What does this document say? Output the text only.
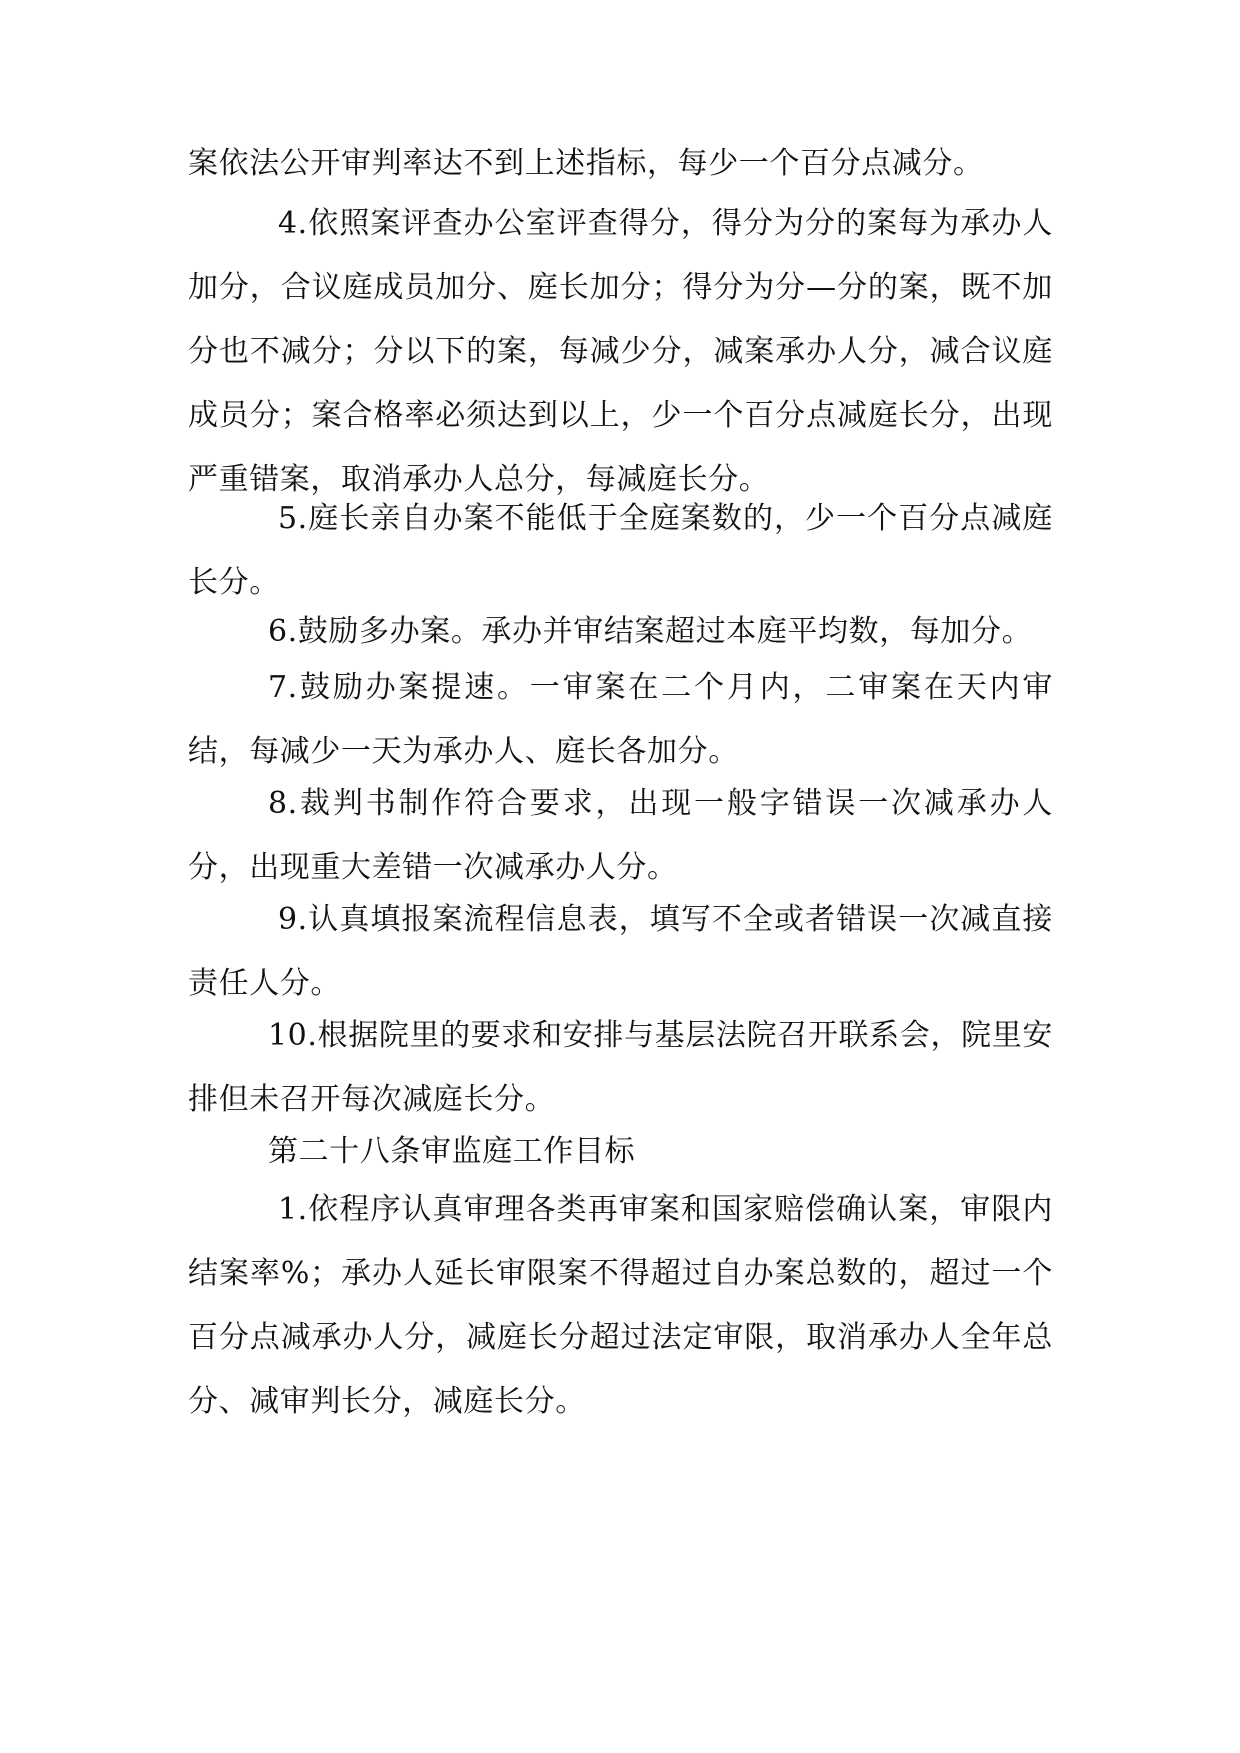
案依法公开审判率达不到上述指标，每少一个百分点减分。

4.依照案评查办公室评查得分，得分为分的案每为承办人加分，合议庭成员加分、庭长加分；得分为分—分的案，既不加分也不减分；分以下的案，每减少分，减案承办人分，减合议庭成员分；案合格率必须达到以上，少一个百分点减庭长分，出现严重错案，取消承办人总分，每减庭长分。

5.庭长亲自办案不能低于全庭案数的，少一个百分点减庭长分。

6.鼓励多办案。承办并审结案超过本庭平均数，每加分。

7.鼓励办案提速。一审案在二个月内，二审案在天内审结，每减少一天为承办人、庭长各加分。

8.裁判书制作符合要求，出现一般字错误一次减承办人分，出现重大差错一次减承办人分。

9.认真填报案流程信息表，填写不全或者错误一次减直接责任人分。

10.根据院里的要求和安排与基层法院召开联系会，院里安排但未召开每次减庭长分。

第二十八条审监庭工作目标

1.依程序认真审理各类再审案和国家赔偿确认案，审限内结案率%；承办人延长审限案不得超过自办案总数的，超过一个百分点减承办人分，减庭长分超过法定审限，取消承办人全年总分、减审判长分，减庭长分。
